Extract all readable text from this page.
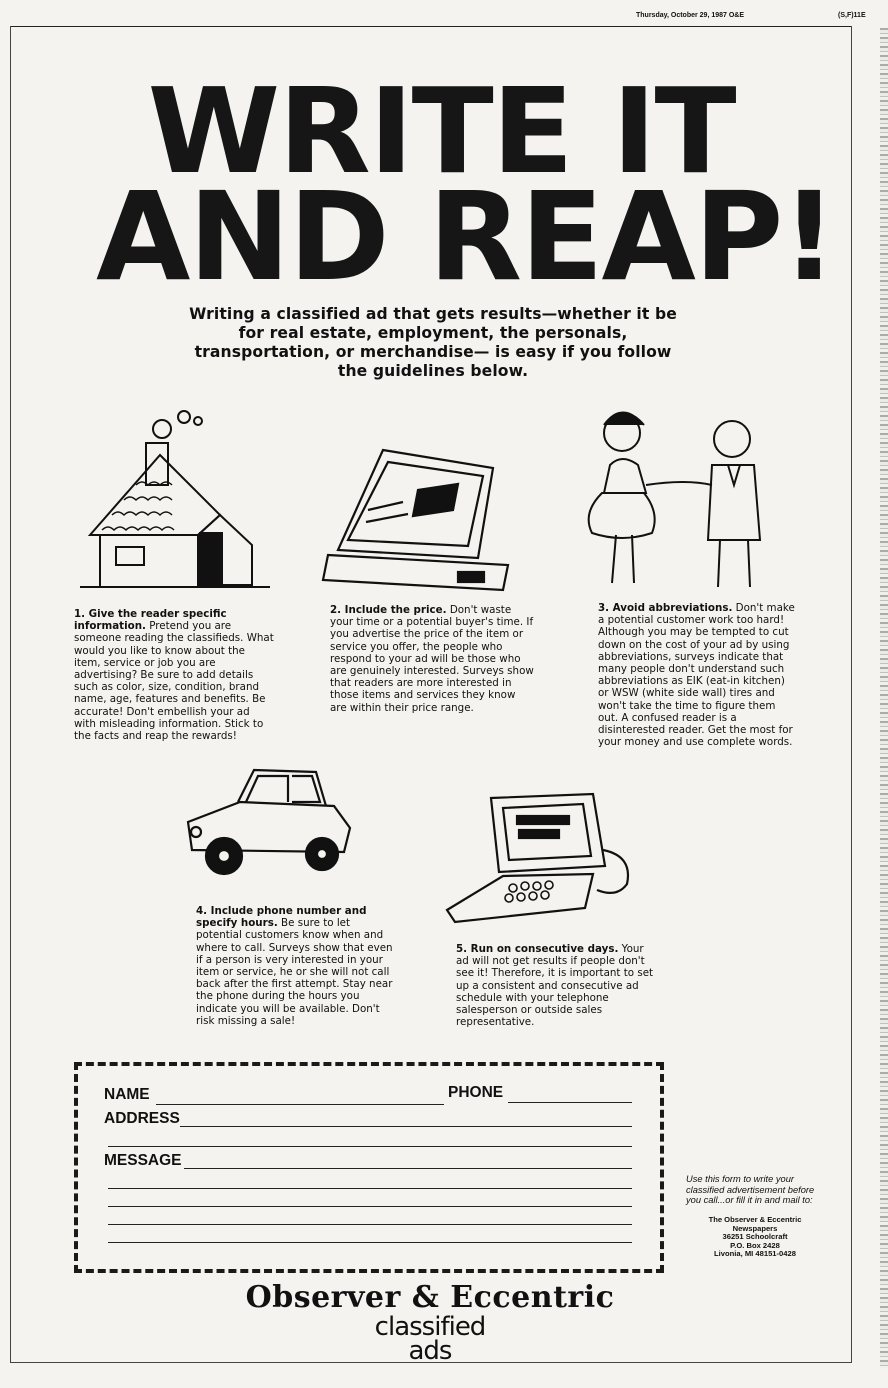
Thursday, October 29, 1987 O&E	(S,F)11E
WRITE IT
AND REAP!
Writing a classified ad that gets results—whether it be for real estate, employment, the personals, transportation, or merchandise— is easy if you follow the guidelines below.
1. Give the reader specific information. Pretend you are someone reading the classifieds. What would you like to know about the item, service or job you are advertising? Be sure to add details such as color, size, condition, brand name, age, features and benefits. Be accurate! Don't embellish your ad with misleading information. Stick to the facts and reap the rewards!
2. Include the price. Don't waste your time or a potential buyer's time. If you advertise the price of the item or service you offer, the people who respond to your ad will be those who are genuinely interested. Surveys show that readers are more interested in those items and services they know are within their price range.
3. Avoid abbreviations. Don't make a potential customer work too hard! Although you may be tempted to cut down on the cost of your ad by using abbreviations, surveys indicate that many people don't understand such abbreviations as EIK (eat-in kitchen) or WSW (white side wall) tires and won't take the time to figure them out. A confused reader is a disinterested reader. Get the most for your money and use complete words.
4. Include phone number and specify hours. Be sure to let potential customers know when and where to call. Surveys show that even if a person is very interested in your item or service, he or she will not call back after the first attempt. Stay near the phone during the hours you indicate you will be available. Don't risk missing a sale!
5. Run on consecutive days. Your ad will not get results if people don't see it! Therefore, it is important to set up a consistent and consecutive ad schedule with your telephone salesperson or outside sales representative.
NAME	PHONE
ADDRESS
MESSAGE
Use this form to write your classified advertisement before you call...or fill it in and mail to:
The Observer & Eccentric
Newspapers
36251 Schoolcraft
P.O. Box 2428
Livonia, MI 48151-0428
Observer & Eccentric
classified
ads
